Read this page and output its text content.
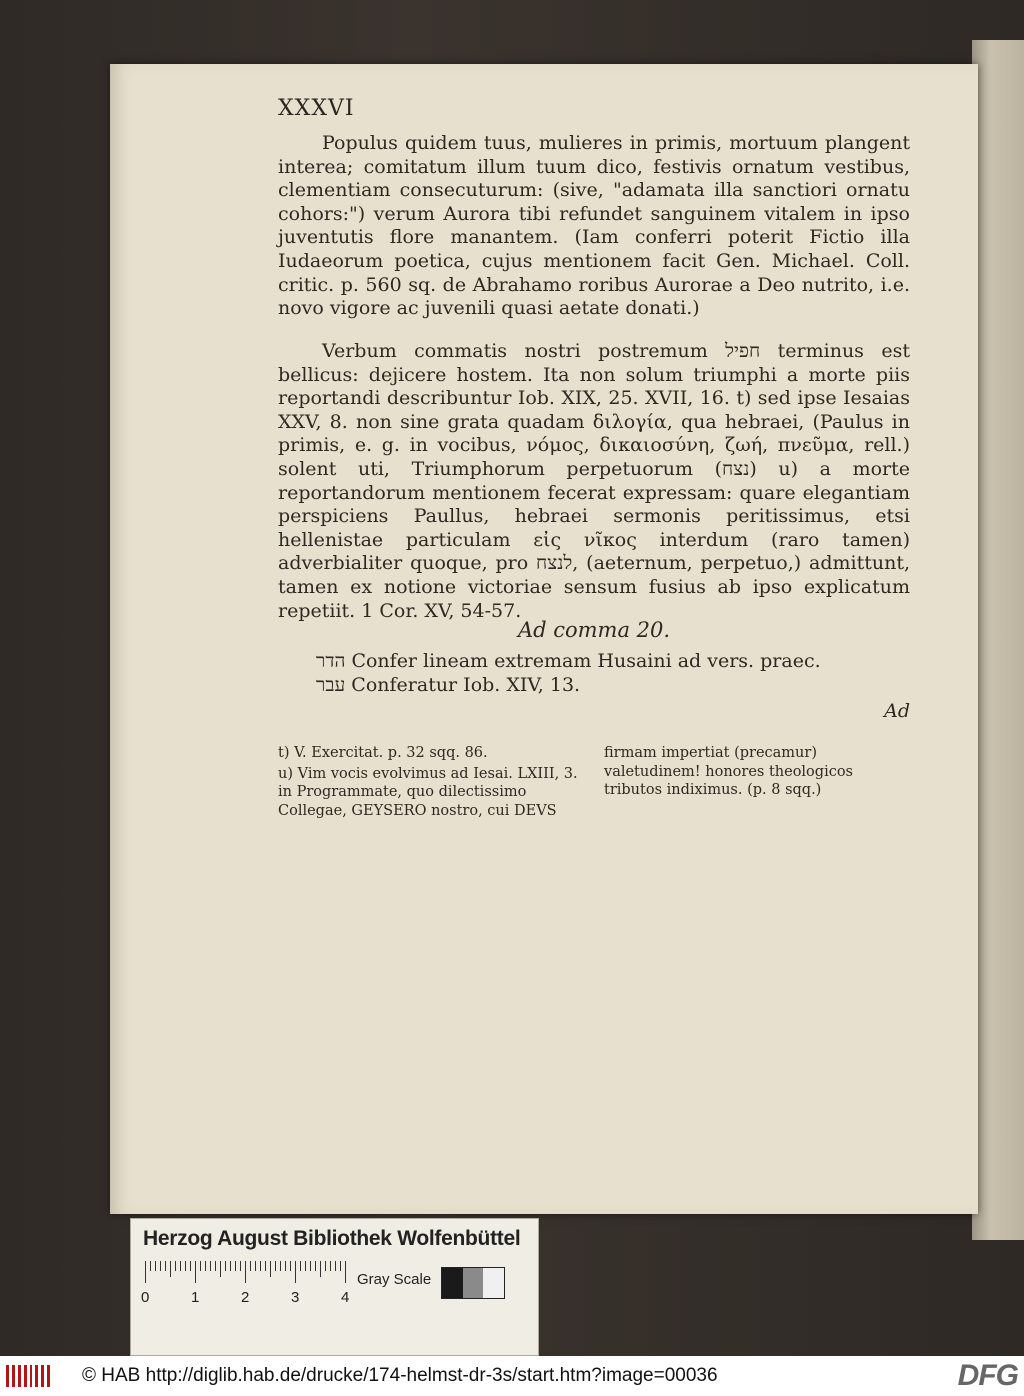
XXXVI
Populus quidem tuus, mulieres in primis, mortuum plangent interea; comitatum illum tuum dico, festivis ornatum vestibus, clementiam consecuturum: (sive, "adamata illa sanctiori ornatu cohors:") verum Aurora tibi refundet sanguinem vitalem in ipso juventutis flore manantem. (Iam conferri poterit Fictio illa Iudaeorum poetica, cujus mentionem facit Gen. Michael. Coll. critic. p. 560 sq. de Abrahamo roribus Aurorae a Deo nutrito, i.e. novo vigore ac juvenili quasi aetate donati.)
Verbum commatis nostri postremum חפיל terminus est bellicus: dejicere hostem. Ita non solum triumphi a morte piis reportandi describuntur Iob. XIX, 25. XVII, 16. t) sed ipse Iesaias XXV, 8. non sine grata quadam διλογία, qua hebraei, (Paulus in primis, e. g. in vocibus, νόμος, δικαιοσύνη, ζωή, πνεῦμα, rell.) solent uti, Triumphorum perpetuorum (נצח) u) a morte reportandorum mentionem fecerat expressam: quare elegantiam perspiciens Paullus, hebraei sermonis peritissimus, etsi hellenistae particulam εἰς νῖκος interdum (raro tamen) adverbialiter quoque, pro לנצח, (aeternum, perpetuo,) admittunt, tamen ex notione victoriae sensum fusius ab ipso explicatum repetiit. 1 Cor. XV, 54-57.
Ad comma 20.
הדר Confer lineam extremam Husaini ad vers. praec.
עבר Conferatur Iob. XIV, 13.
Ad

t) V. Exercitat. p. 32 sqq. 86.

u) Vim vocis evolvimus ad Iesai. LXIII, 3. in Programmate, quo dilectissimo Collegae, GEYSERO nostro, cui DEVS

firmam impertiat (precamur) valetudinem! honores theologicos tributos indiximus. (p. 8 sqq.)

Herzog August Bibliothek Wolfenbüttel
0	1	2	3	4
Gray Scale
© HAB http://diglib.hab.de/drucke/174-helmst-dr-3s/start.htm?image=00036	DFG
